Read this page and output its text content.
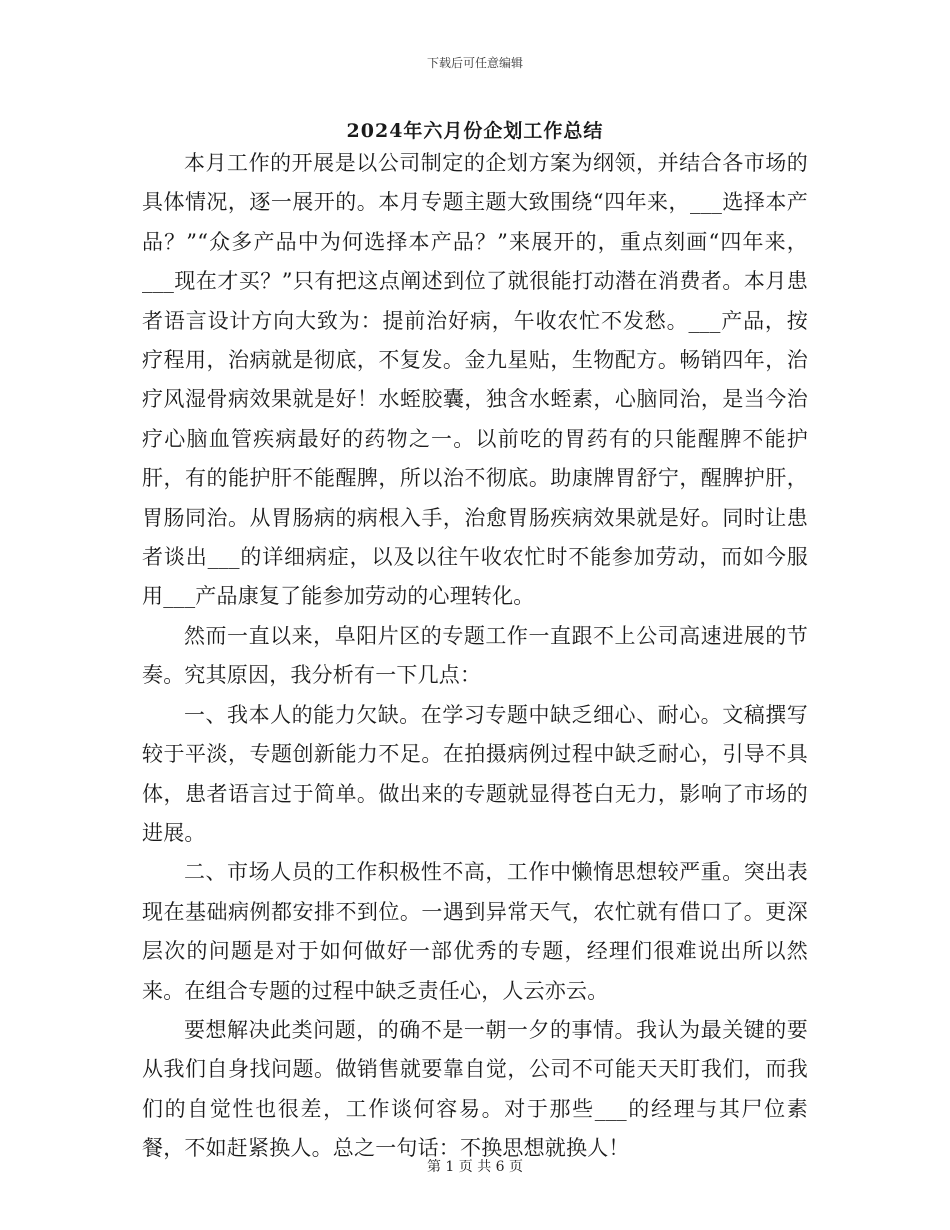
下载后可任意编辑
2024年六月份企划工作总结

本月工作的开展是以公司制定的企划方案为纲领，并结合各市场的具体情况，逐一展开的。本月专题主题大致围绕“四年来，___选择本产品？”“众多产品中为何选择本产品？”来展开的，重点刻画“四年来，___现在才买？”只有把这点阐述到位了就很能打动潜在消费者。本月患者语言设计方向大致为：提前治好病，午收农忙不发愁。___产品，按疗程用，治病就是彻底，不复发。金九星贴，生物配方。畅销四年，治疗风湿骨病效果就是好！水蛭胶囊，独含水蛭素，心脑同治，是当今治疗心脑血管疾病最好的药物之一。以前吃的胃药有的只能醒脾不能护肝，有的能护肝不能醒脾，所以治不彻底。助康牌胃舒宁，醒脾护肝，胃肠同治。从胃肠病的病根入手，治愈胃肠疾病效果就是好。同时让患者谈出___的详细病症，以及以往午收农忙时不能参加劳动，而如今服用___产品康复了能参加劳动的心理转化。

然而一直以来，阜阳片区的专题工作一直跟不上公司高速进展的节奏。究其原因，我分析有一下几点：

一、我本人的能力欠缺。在学习专题中缺乏细心、耐心。文稿撰写较于平淡，专题创新能力不足。在拍摄病例过程中缺乏耐心，引导不具体，患者语言过于简单。做出来的专题就显得苍白无力，影响了市场的进展。

二、市场人员的工作积极性不高，工作中懒惰思想较严重。突出表现在基础病例都安排不到位。一遇到异常天气，农忙就有借口了。更深层次的问题是对于如何做好一部优秀的专题，经理们很难说出所以然来。在组合专题的过程中缺乏责任心，人云亦云。

要想解决此类问题，的确不是一朝一夕的事情。我认为最关键的要从我们自身找问题。做销售就要靠自觉，公司不可能天天盯我们，而我们的自觉性也很差，工作谈何容易。对于那些___的经理与其尸位素餐，不如赶紧换人。总之一句话：不换思想就换人！

第 1 页 共 6 页
